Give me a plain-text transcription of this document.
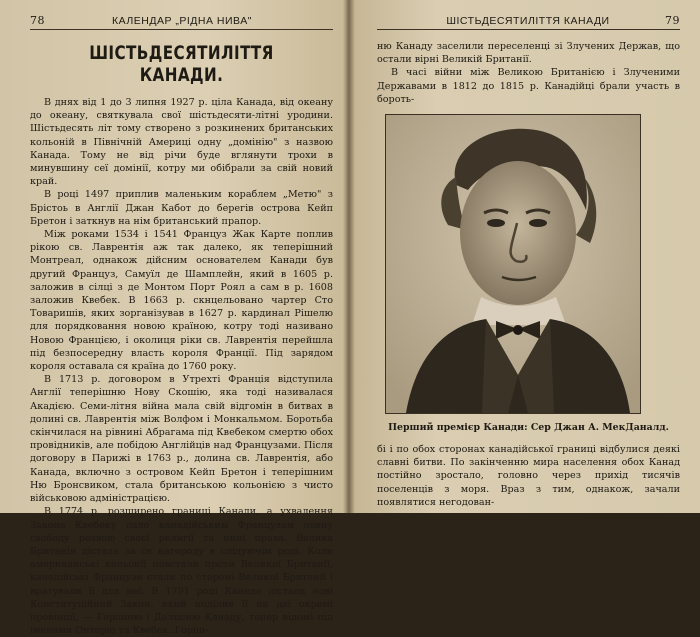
78	КАЛЕНДАР „РІДНА НИВА"
ШІСТЬДЕСЯТИЛІТТЯ КАНАДИ.

В днях від 1 до 3 липня 1927 р. ціла Канада, від океану до океану, святкувала свої шістьдесяти-літні уродини. Шістьдесять літ тому створено з розкинених британських кольоній в Північній Америці одну „домінію" з назвою Канада. Тому не від річи буде вглянути трохи в минувшину сеї домінії, котру ми обібрали за свій новий край.

В році 1497 приплив маленьким кораблем „Метю" з Брістоь в Англії Джан Кабот до берегів острова Кейп Бретон і заткнув на нім британський прапор.

Між роками 1534 і 1541 Француз Жак Карте поплив рікою св. Лаврентія аж так далеко, як теперішний Монтреал, однакож дійсним основателем Канади був другий Француз, Самуїл де Шамплейн, який в 1605 р. заложив в сілці з де Монтом Порт Роял а сам в р. 1608 заложив Квебек. В 1663 р. скнцельовано чартер Сто Товаришів, яких зорганізував в 1627 р. кардинал Рішелю для порядковання новою країною, котру тоді називано Новою Францією, і околиця ріки св. Лаврентія перейшла під безпосередну власть короля Франції. Під зарядом короля оставала ся країна до 1760 року.

В 1713 р. договором в Утрехті Франція відступила Англії теперішню Нову Скошію, яка тоді називалася Акадією. Семи-літня війна мала свій відгомін в битвах в долині св. Лаврентія між Волфом і Монкальмом. Боротьба скінчилася на рівнині Абрагама під Квебеком смертю обох провідників, але побідою Англійців над Французами. Після договору в Парижі в 1763 р., долина св. Лаврентія, або Канада, включно з островом Кейп Бретон і теперішним Ню Бронсвиком, стала британською кольонією з чисто військовою адміністрацією.

В 1774 р. розширено границі Канади, а ухвалення Закона Квебеку дало канадійським Французам повну свободу розвою своєї религії та иниї права. Велика Британія дістала за се нагороду в слідуючім році. Коли американські кольонії повстали проти Великої Британії, канадійські Французи стали по стороні Великої Британії і вратували її для неї. В 1791 році Канада дістала нові Конституційний Закон, який поділив її на дві окремі провінції, — Горішню і Долішню Канаду, тепер відомі під іменами Онтеріо та Квебек. Горіш-

ШІСТЬДЕСЯТИЛІТТЯ КАНАДИ	79

ню Канаду заселили переселенці зі Злучених Держав, що остали вірні Великій Британії.

В часі війни між Великою Британією і Злученими Державами в 1812 до 1815 р. Канадійці брали участь в бороть-

Перший премієр Канади: Сер Джан А. МекДаналд.

бі і по обох сторонах канадійської границі відбулися деякі славні битви. По закінченню мира населення обох Канад постійно зростало, головно через прихід тисячів поселенців з моря. Враз з тим, однакож, зачали появлятися негодован-
